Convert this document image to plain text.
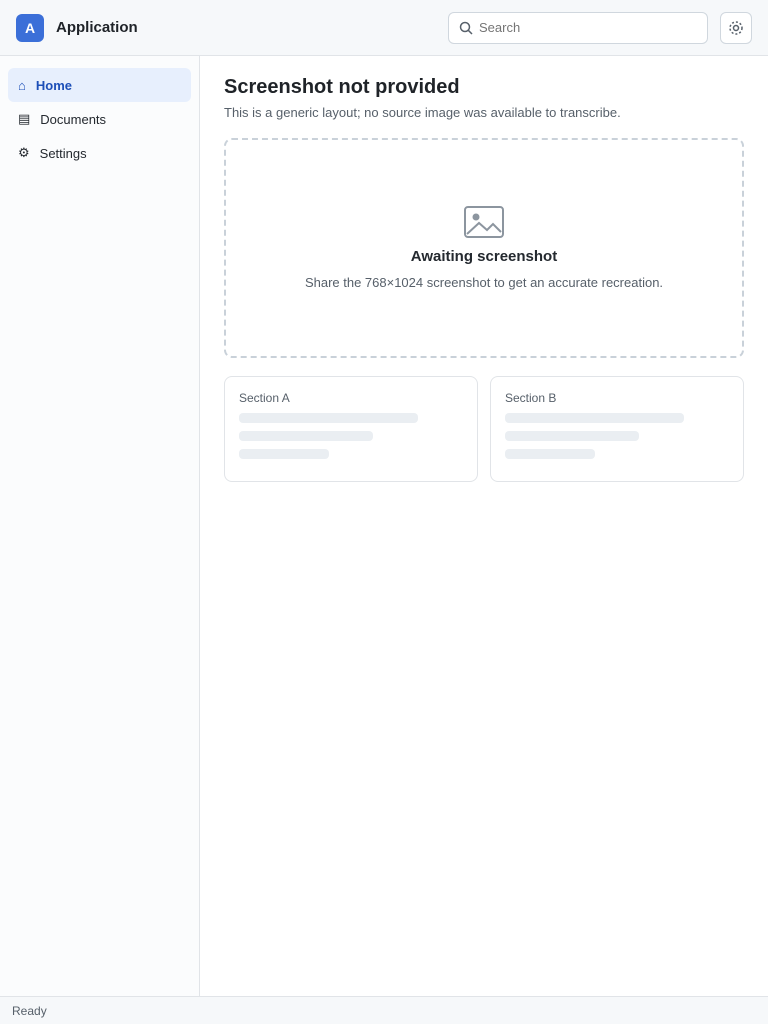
A	Application
Search
⌂ Home
▤ Documents
⚙ Settings
Screenshot not provided

This is a generic layout; no source image was available to transcribe.

Awaiting screenshot
Share the 768×1024 screenshot to get an accurate recreation.
Section A	Section B
Ready
